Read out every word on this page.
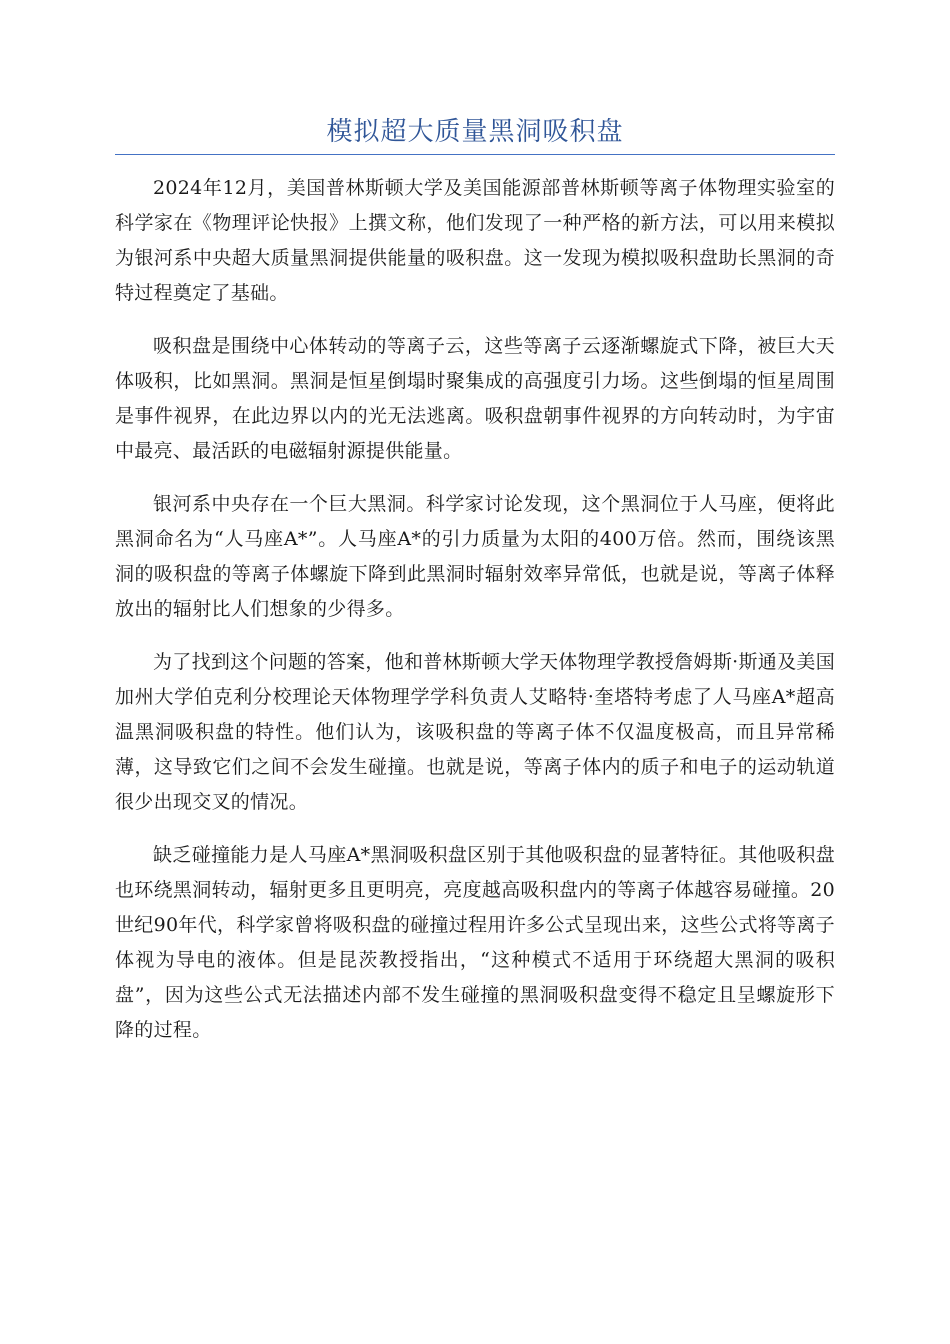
模拟超大质量黑洞吸积盘

2024年12月，美国普林斯顿大学及美国能源部普林斯顿等离子体物理实验室的科学家在《物理评论快报》上撰文称，他们发现了一种严格的新方法，可以用来模拟为银河系中央超大质量黑洞提供能量的吸积盘。这一发现为模拟吸积盘助长黑洞的奇特过程奠定了基础。

吸积盘是围绕中心体转动的等离子云，这些等离子云逐渐螺旋式下降，被巨大天体吸积，比如黑洞。黑洞是恒星倒塌时聚集成的高强度引力场。这些倒塌的恒星周围是事件视界，在此边界以内的光无法逃离。吸积盘朝事件视界的方向转动时，为宇宙中最亮、最活跃的电磁辐射源提供能量。

银河系中央存在一个巨大黑洞。科学家讨论发现，这个黑洞位于人马座，便将此黑洞命名为“人马座A*”。人马座A*的引力质量为太阳的400万倍。然而，围绕该黑洞的吸积盘的等离子体螺旋下降到此黑洞时辐射效率异常低，也就是说，等离子体释放出的辐射比人们想象的少得多。

为了找到这个问题的答案，他和普林斯顿大学天体物理学教授詹姆斯·斯通及美国加州大学伯克利分校理论天体物理学学科负责人艾略特·奎塔特考虑了人马座A*超高温黑洞吸积盘的特性。他们认为，该吸积盘的等离子体不仅温度极高，而且异常稀薄，这导致它们之间不会发生碰撞。也就是说，等离子体内的质子和电子的运动轨道很少出现交叉的情况。

缺乏碰撞能力是人马座A*黑洞吸积盘区别于其他吸积盘的显著特征。其他吸积盘也环绕黑洞转动，辐射更多且更明亮，亮度越高吸积盘内的等离子体越容易碰撞。20世纪90年代，科学家曾将吸积盘的碰撞过程用许多公式呈现出来，这些公式将等离子体视为导电的液体。但是昆茨教授指出，“这种模式不适用于环绕超大黑洞的吸积盘”，因为这些公式无法描述内部不发生碰撞的黑洞吸积盘变得不稳定且呈螺旋形下降的过程。
